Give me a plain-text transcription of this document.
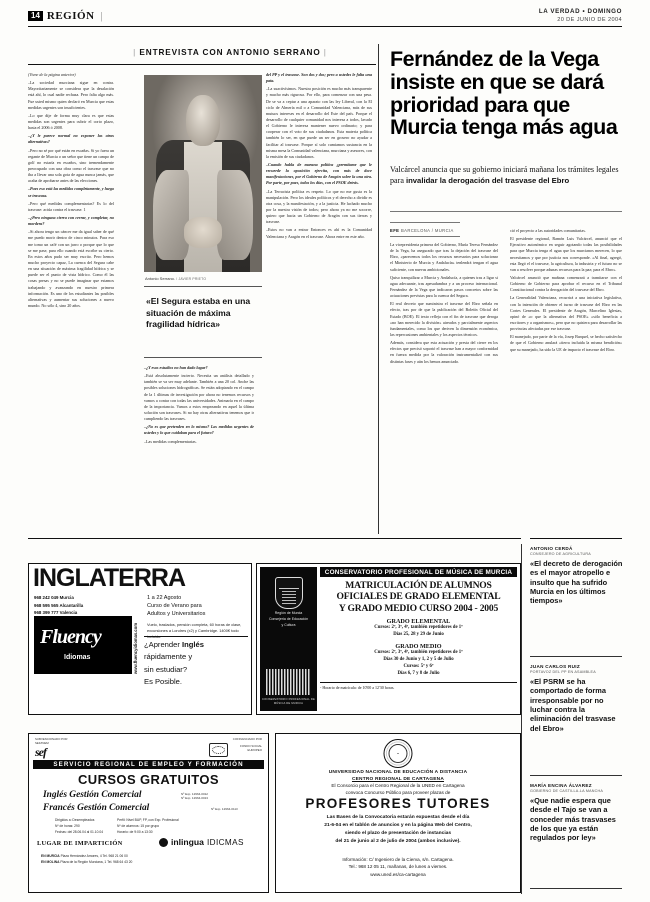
14 REGIÓN |	LA VERDAD • DOMINGO
20 DE JUNIO DE 2004
| ENTREVISTA CON ANTONIO SERRANO |

(Viene de la página anterior)

–La sociedad murciana sigue en contra. Mayoritariamente se considera que la desalación está ahí, lo cual nadie rechaza. Pero falta algo más. Fue usted mismo quien declaró en Murcia que estas medidas urgentes son insuficientes.

–Lo que dije de forma muy clara es que estas medidas son urgentes para cubrir el corto plazo, hasta el 2006 ó 2008.

–¿Y le parece normal no exponer las otras alternativas?

–Pero no sé por qué están en escañas. Si yo fuera un regante de Murcia o un señor que tiene un campo de golf no estaría en escaños, sino tremendamente preocupado con una obra como el trasvase que no iba a llevar una sola gota de agua nunca jamás, que acaba de aprobarse antes de las elecciones.

–Pues eso está las medidas completamente, y luego se trasvasa.

–Pero qué medidas complementarias? Es lo del trasvase: actúa contra el trasvase. 1

–¿Pero ninguna cierra con cerrar, y completar, no mordera?

–Si ahora tengo un cáncer me da igual saber de qué me puedo morir dentro de cinco minutos. Para eso me tomo un café con un jarro o porque que lo que se me pase, para ello cuando está escribe su cierto. En estos años pudo ser muy escrito. Pero hemos mucho proyecto capaz, La cuenca del Segura cabe en una situación de máxima fragilidad hídrica y se puede ser el punto de vista hídrico. Como él las cosas presas y no se puede imaginar que estamos trabajando y avanzando en nuestro primera información. Es uno de los estudiantes las posibles alternativas y aumentar sus soluciones a nuevo mundo. No sólo 4, sino 20 años.

–¿Y esos estudios no han dado lugar?

–Está absolutamente incierto. Necesita un análisis detallado y también se va ser muy adelante. También a una 20 col. Anche las posibles soluciones hidrográficas. Se están adoptando en el campo de la 1 últimas de investigación por ahora no tenemos recursos y vamos a contar con todas las universidades. Animaría en el campo de la importancia. Vamos a estos empezando en aquel la última solución son trasvases. Si no hay otras alternativas tenemos que ir cumpliendo las trasvases.

–¿No es que pretenden en lo mismo? Las medidas urgentes de ustedes y lo que cuidaban para el futuro?

–Las medidas complementarias.

del PP y el trasvase. Son dos y dos; pero a ustedes le falta una pata.

–La suactivísimos. Nuestra posición es mucho más transparente y mucho más rigurosa. Por ello, para comenzar con una pesa. De se va a ceptar a una aparato con las ley Liberal, con la El ciclo de Almería mil o a Comunidad Valenciana, más de sus mutuos intereses en el desarrollo del Este del país. Porque el desarrollo de cualquier comunidad nos interesa a todos, lavado el Gobierno le interesa mantener nuevo ordinario; y para cooperar con el voto de sus ciudadanos. Esta materia política también lo ser, en que puede un ser en grosero no ayudar a facilitar al trasvase. Porque sí solo cumiamos sustancia en la misma mesa la Comunidad valenciana, murciana y asesores, con la emisión de sus ciudadanos.

–Cuando habla de marana política ¿permítame que le recuerde la oposición ejercita, con más de doce manifestaciones, por el Gobierno de Aragón sobre la una otra. Por parte, por pues, todos los días, con el PSOE detrás.

–La Terracista política es respeto. Lo que no me gusta es la manipulación. Pero los ideales políticos y el derecho a dividir es otra cosa, y la manifestación, y a la justicia. He luchado mucho por la nuestra visión de todos; pero ahora ya no me socorre, quiero que hacia un Gobierno de Aragón con sus tierras y trasvase.

–Estos no van a entrar Entonces es ahí es la Comunidad Valenciana y Aragón en el trasvase. Ahora entre en este año.

Antonio Serrano. / JAVIER PRIETO
«El Segura estaba en una situación de máxima fragilidad hídrica»
Fernández de la Vega insiste en que se dará prioridad para que Murcia tenga más agua
Valcárcel anuncia que su gobierno iniciará mañana los trámites legales para invalidar la derogación del trasvase del Ebro
EFE BARCELONA / MURCIA

La vicepresidenta primera del Gobierno, María Teresa Fernández de la Vega, ha asegurado que tras la dejación del trasvase del Ebro, «parecemos todos los recursos necesarios para solucionar el Ministerio de Murcia y Andalucía» tenlendrá tengan el agua suficiente, con nuevas ambicionales.

Quiso tranquilizar a Murcia y Andalucía, a quienes tras a ligar si agua adecuante, tras apesadumbra y a un proceso internacional. Fernández de la Vega que indicaron pasos concretos sobre las actuaciones previstas para la cuenca del Segura.

El real decreto que suministra el trasvase del Ebro señala en efecto, tras por de que la publicación del Boletín Oficial del Estado (BOE). El texto refleja con el fin de trasvase que deroga «no han merecido la división» aireados y parcialmente aspectos fundamentales, como los que deriven la dimensión económica, las repercusiones ambientales y los aspectos técnicos.

Además, considera que esta actuación y presta del cierre en los efectos que precisó soportó el trasvase han a mayor conformidad en fuerza medida por la valoración instrumentalizó con sus distintas fases y aún los hemos anunciado.

ció el proyecto a las autoridades comunitarias.

El presidente regional, Ramón Luis Valcárcel, anunció que el Ejecutivo autonómico en seguir agotando todas las posibilidades para que Murcia tenga el agua que los murcianos merecen, lo que necesitamos y que por justicia nos corresponde. «Al final, agregó, esta llegó el el trasvase, la agricultura, la industria y el futuro no se van a resolver porque adunas recursos para la paz; para el Ebro».

Valcárcel anunció que mañana comenzará a tramitarse con el Gobierno de Gobierno para aprobar el recurso en el Tribunal Constitucional contra la derogación del trasvase del Ebro.

La Generalidad Valenciana, recurrirá a una iniciativa legislativa, con la intención de obtener el turno de trasvase del Ebro en las Cortes Generales. El presidente de Aragón, Marcelino Iglesias, opinó de «o que la alternativa del PSOE» «sólo beneficia a escritores y a organismos», pero que no quisiera para desarrollar las provincias afectadas por ese trasvase.

El manejado, por parte de la vía, Josep Barquel, se hecho satisfecho de que el Gobierno anulará «tierra incluida la misma bendición» que su manejado, ha sido la UE de impacto el trasvase del Ebro.

ANTONIO CERDÁ
CONSEJERO DE AGRICULTURA
«El decreto de derogación es el mayor atropello e insulto que ha sufrido Murcia en los últimos tiempos»
JUAN CARLOS RUIZ
PORTAVOZ DEL PP EN ASAMBLEA
«El PSRM se ha comportado de forma irresponsable por no luchar contra la eliminación del trasvase del Ebro»
MARÍA ENCINA ÁLVAREZ
GOBIERNO DE CASTILLA-LA MANCHA
«Que nadie espera que desde el Tajo se van a conceder más trasvases de los que ya están regulados por ley»
INGLATERRA
968 242 049 Murcia
968 595 565 Alcantarilla
968 399 777 Valencia
Fluency
Idiomas	www.fluencyidiomas.com
1 a 22 Agosto
Curso de Verano para
Adultos y Universitarios
Vuelo, traslados, pensión completa, 60 horas de clase, excursiones a Londres (x2) y Cambridge. 1400€ todo incluido.
¿Aprender Inglés
rápidamente y
sin estudiar?
Es Posible.
Región de Murcia
Consejería de Educación
y Cultura
CONSERVATORIO PROFESIONAL DE MÚSICA DE MURCIA
CONSERVATORIO PROFESIONAL DE MÚSICA DE MURCIA
MATRICULACIÓN DE ALUMNOS
OFICIALES DE GRADO ELEMENTAL
Y GRADO MEDIO CURSO 2004 - 2005
GRADO ELEMENTAL
Cursos: 2º, 3º, 4º, también repetidores de 1º
Días 25, 28 y 29 de Junio
GRADO MEDIO
Cursos: 2º, 3º, 4º, también repetidores de 1º
Días 30 de Junio y 1, 2 y 5 de Julio
Cursos: 5º y 6º
Días 6, 7 y 8 de Julio
- Horario de matrícula: de 10'00 a 12'30 horas.
SUBVENCIONADO POR
SEF/INEM
sef
COFINANCIADO POR
FONDO SOCIAL EUROPEO
SERVICIO REGIONAL DE EMPLEO Y FORMACIÓN
CURSOS GRATUITOS
Inglés Gestión Comercial	Nº Exp. 12964-0012
Nº Exp. 12964-0013
Francés Gestión Comercial	Nº Exp. 12964-0113
Dirigidos a: Desempleados
Nº de horas: 290
Fechas: del 28.06.04 al 01.10.04
Perfil: Nivel BUP, FP, con Exp. Profesional
Nº de alumnos: 15 por grupo
Horario: de 9:00 a 13:30
LUGAR DE IMPARTICIÓN	inlingua IDICMAS
EN MURCIA Plaza Hernández Amores, 4 Tel. 968 21 06 00
EN MOLINA Plaza de la Región Murciana, 1 Tel. 968 64 43 20
UNIVERSIDAD NACIONAL DE EDUCACIÓN A DISTANCIA
CENTRO REGIONAL DE CARTAGENA
El Consorcio para el Centro Regional de la UNED en Cartagena
convoca Concurso Público para proveer plazas de
PROFESORES TUTORES
Las Bases de la Convocatoria estarán expuestas desde el día
21-6-04 en el tablón de anuncios y en la página Web del Centro,
siendo el plazo de presentación de instancias
del 21 de junio al 2 de julio de 2004 (ambos inclusive).
Información: C/ Ingeniero de la Cierva, s/n. Cartagena.
Tel.: 968 12 05 11, mañanas, de lunes a viernes.
www.uned.es/ca-cartagena
